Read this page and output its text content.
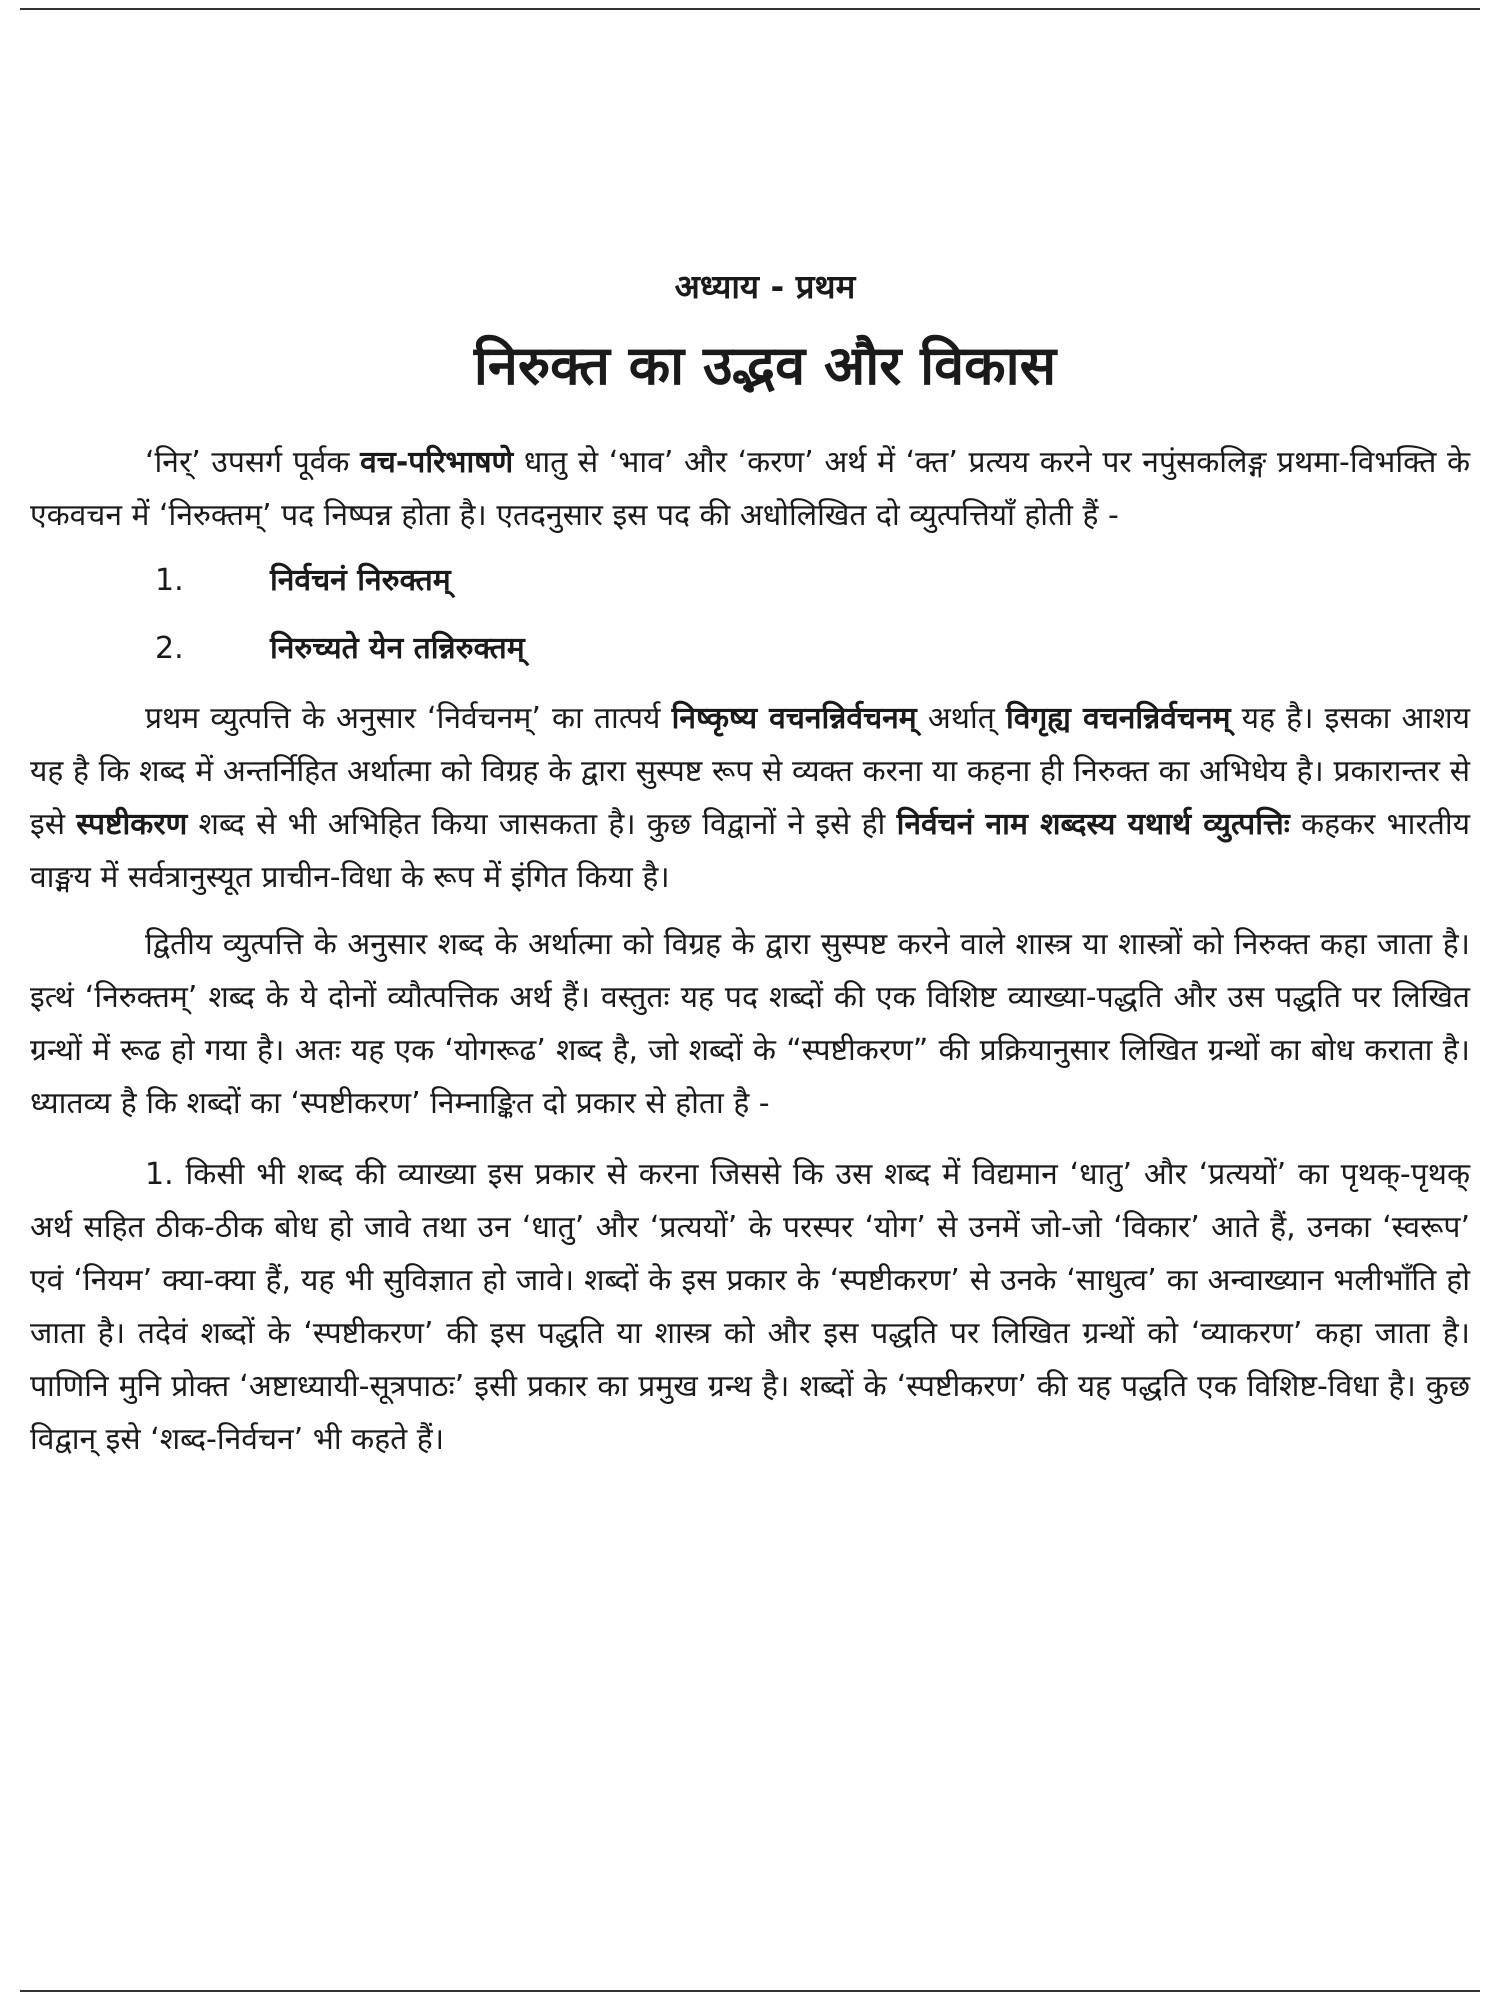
अध्याय - प्रथम
निरुक्त का उद्भव और विकास

‘निर्’ उपसर्ग पूर्वक वच-परिभाषणे धातु से ‘भाव’ और ‘करण’ अर्थ में ‘क्त’ प्रत्यय करने पर नपुंसकलिङ्ग प्रथमा-विभक्ति के एकवचन में ‘निरुक्तम्’ पद निष्पन्न होता है। एतदनुसार इस पद की अधोलिखित दो व्युत्पत्तियाँ होती हैं -

1.	निर्वचनं निरुक्तम्
2.	निरुच्यते येन तन्निरुक्तम्

प्रथम व्युत्पत्ति के अनुसार ‘निर्वचनम्’ का तात्पर्य निष्कृष्य वचनन्निर्वचनम् अर्थात् विगृह्य वचनन्निर्वचनम् यह है। इसका आशय यह है कि शब्द में अन्तर्निहित अर्थात्मा को विग्रह के द्वारा सुस्पष्ट रूप से व्यक्त करना या कहना ही निरुक्त का अभिधेय है। प्रकारान्तर से इसे स्पष्टीकरण शब्द से भी अभिहित किया जासकता है। कुछ विद्वानों ने इसे ही निर्वचनं नाम शब्दस्य यथार्थ व्युत्पत्तिः कहकर भारतीय वाङ्मय में सर्वत्रानुस्यूत प्राचीन-विधा के रूप में इंगित किया है।

द्वितीय व्युत्पत्ति के अनुसार शब्द के अर्थात्मा को विग्रह के द्वारा सुस्पष्ट करने वाले शास्त्र या शास्त्रों को निरुक्त कहा जाता है। इत्थं ‘निरुक्तम्’ शब्द के ये दोनों व्यौत्पत्तिक अर्थ हैं। वस्तुतः यह पद शब्दों की एक विशिष्ट व्याख्या-पद्धति और उस पद्धति पर लिखित ग्रन्थों में रूढ हो गया है। अतः यह एक ‘योगरूढ’ शब्द है, जो शब्दों के “स्पष्टीकरण” की प्रक्रियानुसार लिखित ग्रन्थों का बोध कराता है। ध्यातव्य है कि शब्दों का ‘स्पष्टीकरण’ निम्नाङ्कित दो प्रकार से होता है -

1. किसी भी शब्द की व्याख्या इस प्रकार से करना जिससे कि उस शब्द में विद्यमान ‘धातु’ और ‘प्रत्ययों’ का पृथक्-पृथक् अर्थ सहित ठीक-ठीक बोध हो जावे तथा उन ‘धातु’ और ‘प्रत्ययों’ के परस्पर ‘योग’ से उनमें जो-जो ‘विकार’ आते हैं, उनका ‘स्वरूप’ एवं ‘नियम’ क्या-क्या हैं, यह भी सुविज्ञात हो जावे। शब्दों के इस प्रकार के ‘स्पष्टीकरण’ से उनके ‘साधुत्व’ का अन्वाख्यान भलीभाँति हो जाता है। तदेवं शब्दों के ‘स्पष्टीकरण’ की इस पद्धति या शास्त्र को और इस पद्धति पर लिखित ग्रन्थों को ‘व्याकरण’ कहा जाता है। पाणिनि मुनि प्रोक्त ‘अष्टाध्यायी-सूत्रपाठः’ इसी प्रकार का प्रमुख ग्रन्थ है। शब्दों के ‘स्पष्टीकरण’ की यह पद्धति एक विशिष्ट-विधा है। कुछ विद्वान् इसे ‘शब्द-निर्वचन’ भी कहते हैं।
